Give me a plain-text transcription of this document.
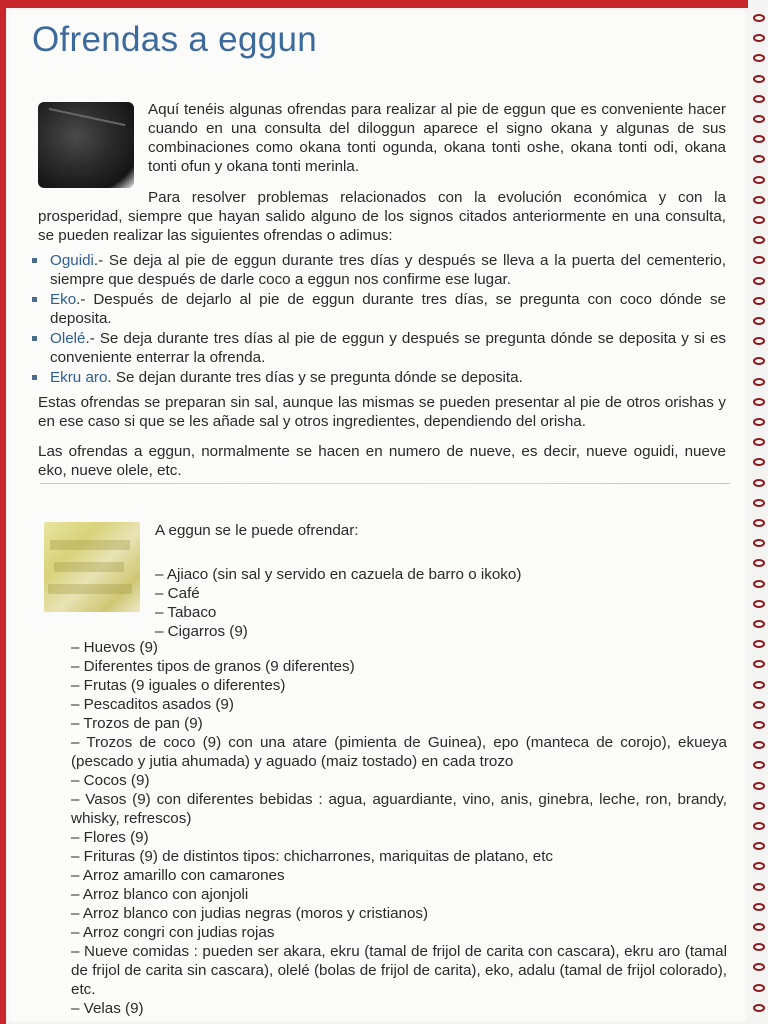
Ofrendas a eggun

Aquí tenéis algunas ofrendas para realizar al pie de eggun que es conveniente hacer cuando en una consulta del diloggun aparece el signo okana y algunas de sus combinaciones como okana tonti ogunda, okana tonti oshe, okana tonti odi, okana tonti ofun y okana tonti merinla.

Para resolver problemas relacionados con la evolución económica y con la prosperidad, siempre que hayan salido alguno de los signos citados anteriormente en una consulta, se pueden realizar las siguientes ofrendas o adimus:
Oguidi.- Se deja al pie de eggun durante tres días y después se lleva a la puerta del cementerio, siempre que después de darle coco a eggun nos confirme ese lugar.
Eko.- Después de dejarlo al pie de eggun durante tres días, se pregunta con coco dónde se deposita.
Olelé.- Se deja durante tres días al pie de eggun y después se pregunta dónde se deposita y si es conveniente enterrar la ofrenda.
Ekru aro. Se dejan durante tres días y se pregunta dónde se deposita.

Estas ofrendas se preparan sin sal, aunque las mismas se pueden presentar al pie de otros orishas y en ese caso si que se les añade sal y otros ingredientes, dependiendo del orisha.

Las ofrendas a eggun, normalmente se hacen en numero de nueve, es decir, nueve oguidi, nueve eko, nueve olele, etc.

A eggun se le puede ofrendar:

– Ajiaco (sin sal y servido en cazuela de barro o ikoko)
– Café
– Tabaco
– Cigarros (9)
– Huevos (9)
– Diferentes tipos de granos (9 diferentes)
– Frutas (9 iguales o diferentes)
– Pescaditos asados (9)
– Trozos de pan (9)
– Trozos de coco (9) con una atare (pimienta de Guinea), epo (manteca de corojo), ekueya (pescado y jutia ahumada) y aguado (maiz tostado) en cada trozo
– Cocos (9)
– Vasos (9) con diferentes bebidas : agua, aguardiante, vino, anis, ginebra, leche, ron, brandy, whisky, refrescos)
– Flores (9)
– Frituras (9) de distintos tipos: chicharrones, mariquitas de platano, etc
– Arroz amarillo con camarones
– Arroz blanco con ajonjoli
– Arroz blanco con judias negras (moros y cristianos)
– Arroz congri con judias rojas
– Nueve comidas : pueden ser akara, ekru (tamal de frijol de carita con cascara), ekru aro (tamal de frijol de carita sin cascara), olelé (bolas de frijol de carita), eko, adalu (tamal de frijol colorado), etc.
– Velas (9)
